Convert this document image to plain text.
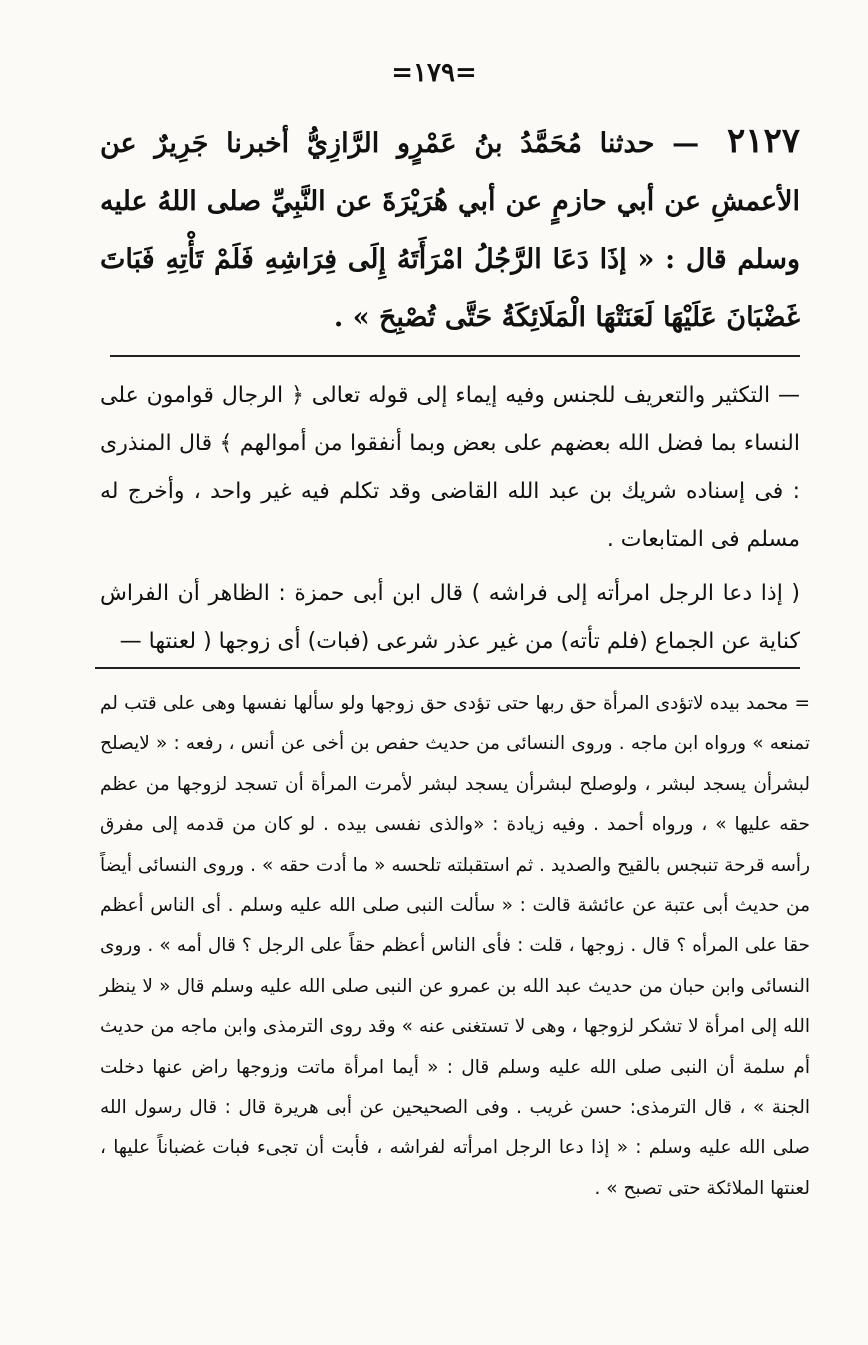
=١٧٩=
٢١٢٧ — حدثنا مُحَمَّدُ بنُ عَمْرٍو الرَّازِيُّ أخبرنا جَرِيرٌ عن الأعمشِ عن أبي حازمٍ عن أبي هُرَيْرَةَ عن النَّبِيِّ صلى اللهُ عليه وسلم قال : « إذَا دَعَا الرَّجُلُ امْرَأَتَهُ إِلَى فِرَاشِهِ فَلَمْ تَأْتِهِ فَبَاتَ غَضْبَانَ عَلَيْهَا لَعَنَتْهَا الْمَلَائِكَةُ حَتَّى تُصْبِحَ » .

— التكثير والتعريف للجنس وفيه إيماء إلى قوله تعالى ﴿ الرجال قوامون على النساء بما فضل الله بعضهم على بعض وبما أنفقوا من أموالهم ﴾ قال المنذرى : فى إسناده شريك بن عبد الله القاضى وقد تكلم فيه غير واحد ، وأخرج له مسلم فى المتابعات .

( إذا دعا الرجل امرأته إلى فراشه ) قال ابن أبى حمزة : الظاهر أن الفراش كناية عن الجماع (فلم تأته) من غير عذر شرعى (فبات) أى زوجها ( لعنتها —

= محمد بيده لاتؤدى المرأة حق ربها حتى تؤدى حق زوجها ولو سألها نفسها وهى على قتب لم تمنعه » ورواه ابن ماجه . وروى النسائى من حديث حفص بن أخى عن أنس ، رفعه : « لايصلح لبشرأن يسجد لبشر ، ولوصلح لبشرأن يسجد لبشر لأمرت المرأة أن تسجد لزوجها من عظم حقه عليها » ، ورواه أحمد . وفيه زيادة : «والذى نفسى بيده . لو كان من قدمه إلى مفرق رأسه قرحة تنبجس بالقيح والصديد . ثم استقبلته تلحسه « ما أدت حقه » . وروى النسائى أيضاً من حديث أبى عتبة عن عائشة قالت : « سألت النبى صلى الله عليه وسلم . أى الناس أعظم حقا على المرأه ؟ قال . زوجها ، قلت : فأى الناس أعظم حقاً على الرجل ؟ قال أمه » . وروى النسائى وابن حبان من حديث عبد الله بن عمرو عن النبى صلى الله عليه وسلم قال « لا ينظر الله إلى امرأة لا تشكر لزوجها ، وهى لا تستغنى عنه » وقد روى الترمذى وابن ماجه من حديث أم سلمة أن النبى صلى الله عليه وسلم قال : « أيما امرأة ماتت وزوجها راض عنها دخلت الجنة » ، قال الترمذى: حسن غريب . وفى الصحيحين عن أبى هريرة قال : قال رسول الله صلى الله عليه وسلم : « إذا دعا الرجل امرأته لفراشه ، فأبت أن تجىء فبات غضباناً عليها ، لعنتها الملائكة حتى تصبح » .
